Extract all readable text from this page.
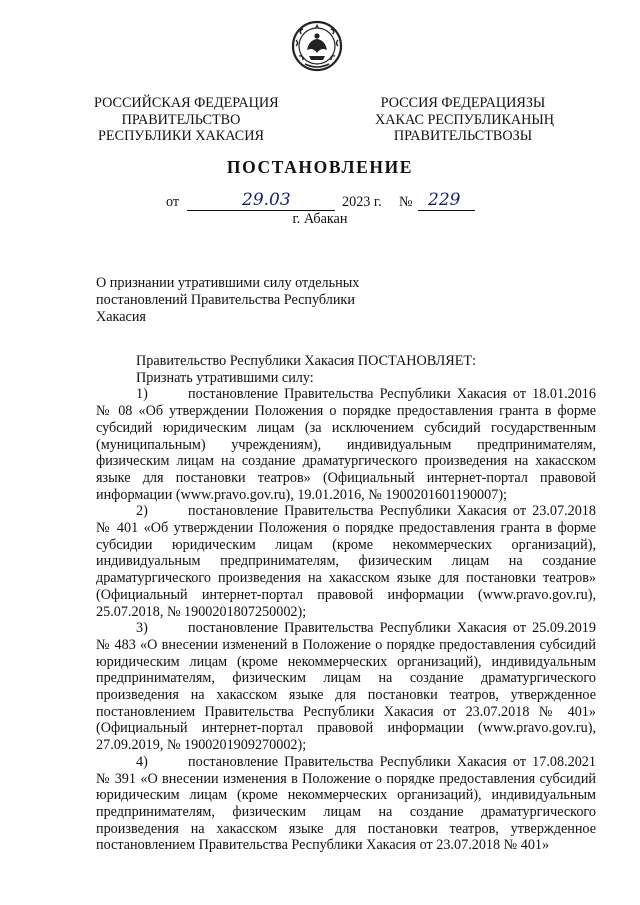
РОССИЙСКАЯ ФЕДЕРАЦИЯ
ПРАВИТЕЛЬСТВО
РЕСПУБЛИКИ ХАКАСИЯ
РОССИЯ ФЕДЕРАЦИЯЗЫ
ХАКАС РЕСПУБЛИКАНЫҢ
ПРАВИТЕЛЬСТВОЗЫ
ПОСТАНОВЛЕНИЕ
от	29.03	2023 г. № 229
г. Абакан
О признании утратившими силу отдельных
постановлений Правительства Республики
Хакасия

Правительство Республики Хакасия ПОСТАНОВЛЯЕТ:

Признать утратившими силу:

1)	постановление Правительства Республики Хакасия от 18.01.2016 № 08 «Об утверждении Положения о порядке предоставления гранта в форме субсидий юридическим лицам (за исключением субсидий государственным (муниципальным) учреждениям), индивидуальным предпринимателям, физическим лицам на создание драматургического произведения на хакасском языке для постановки театров» (Официальный интернет-портал правовой информации (www.pravo.gov.ru), 19.01.2016, № 1900201601190007);

2)	постановление Правительства Республики Хакасия от 23.07.2018 № 401 «Об утверждении Положения о порядке предоставления гранта в форме субсидии юридическим лицам (кроме некоммерческих организаций), индивидуальным предпринимателям, физическим лицам на создание драматургического произведения на хакасском языке для постановки театров» (Официальный интернет-портал правовой информации (www.pravo.gov.ru), 25.07.2018, № 1900201807250002);

3)	постановление Правительства Республики Хакасия от 25.09.2019 № 483 «О внесении изменений в Положение о порядке предоставления субсидий юридическим лицам (кроме некоммерческих организаций), индивидуальным предпринимателям, физическим лицам на создание драматургического произведения на хакасском языке для постановки театров, утвержденное постановлением Правительства Республики Хакасия от 23.07.2018 № 401» (Официальный интернет-портал правовой информации (www.pravo.gov.ru), 27.09.2019, № 1900201909270002);

4)	постановление Правительства Республики Хакасия от 17.08.2021 № 391 «О внесении изменения в Положение о порядке предоставления субсидий юридическим лицам (кроме некоммерческих организаций), индивидуальным предпринимателям, физическим лицам на создание драматургического произведения на хакасском языке для постановки театров, утвержденное постановлением Правительства Республики Хакасия от 23.07.2018 № 401»
